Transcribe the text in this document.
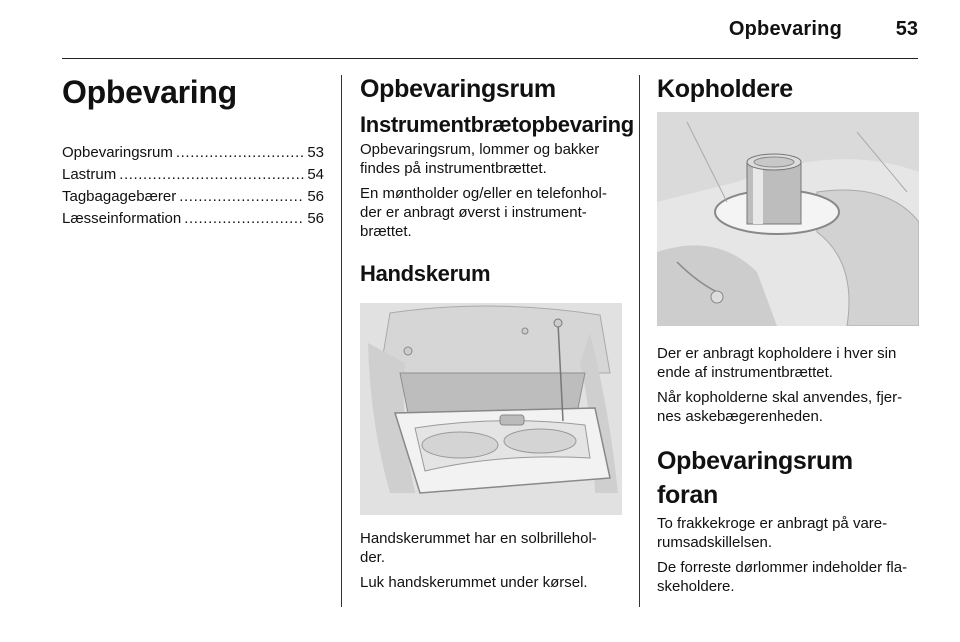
Opbevaring	53
Opbevaring
Opbevaringsrum .....	53
Lastrum .....	54
Tagbagagebærer .....	56
Læsseinformation .....	56
Opbevaringsrum
Instrumentbrætopbevaring

Opbevaringsrum, lommer og bakker findes på instrumentbrættet.

En møntholder og/eller en telefonhol- der er anbragt øverst i instrument- brættet.

Handskerum

Handskerummet har en solbrillehol- der.

Luk handskerummet under kørsel.

Kopholdere

Der er anbragt kopholdere i hver sin ende af instrumentbrættet.

Når kopholderne skal anvendes, fjer- nes askebægerenheden.

Opbevaringsrum foran

To frakkekroge er anbragt på vare- rumsadskillelsen.

De forreste dørlommer indeholder fla- skeholdere.
